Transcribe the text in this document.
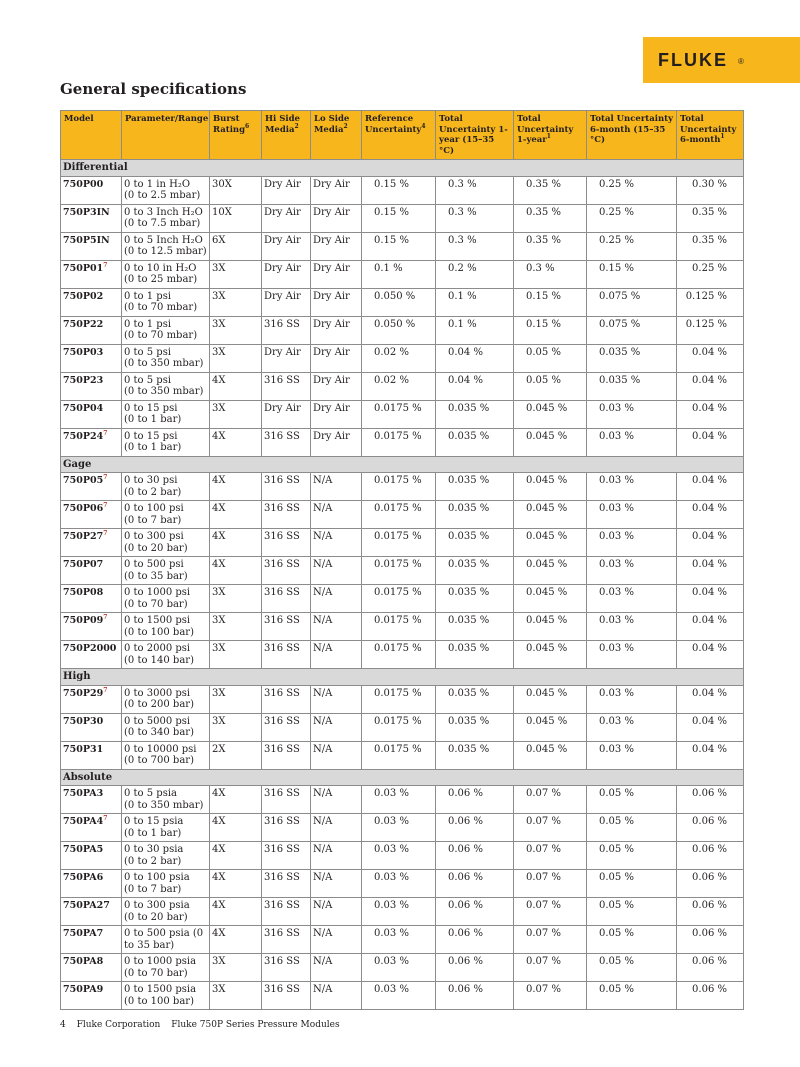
FLUKE ®
General specifications
Model	Parameter/Range	Burst Rating$^6$	Hi Side Media$^2$	Lo Side Media$^2$	Reference Uncertainty$^4$	Total Uncertainty 1-year (15–35 °C)	Total Uncertainty 1-year$^1$	Total Uncertainty 6-month (15–35 °C)	Total Uncertainty 6-month$^1$
Differential									
750P00	0 to 1 in H₂O
(0 to 2.5 mbar)	30X	Dry Air	Dry Air	0.15 %	0.3 %	0.35 %	0.25 %	0.30 %
750P3IN	0 to 3 Inch H₂O
(0 to 7.5 mbar)	10X	Dry Air	Dry Air	0.15 %	0.3 %	0.35 %	0.25 %	0.35 %
750P5IN	0 to 5 Inch H₂O
(0 to 12.5 mbar)	6X	Dry Air	Dry Air	0.15 %	0.3 %	0.35 %	0.25 %	0.35 %
750P01$^7$	0 to 10 in H₂O
(0 to 25 mbar)	3X	Dry Air	Dry Air	0.1 %	0.2 %	0.3 %	0.15 %	0.25 %
750P02	0 to 1 psi
(0 to 70 mbar)	3X	Dry Air	Dry Air	0.050 %	0.1 %	0.15 %	0.075 %	0.125 %
750P22	0 to 1 psi
(0 to 70 mbar)	3X	316 SS	Dry Air	0.050 %	0.1 %	0.15 %	0.075 %	0.125 %
750P03	0 to 5 psi
(0 to 350 mbar)	3X	Dry Air	Dry Air	0.02 %	0.04 %	0.05 %	0.035 %	0.04 %
750P23	0 to 5 psi
(0 to 350 mbar)	4X	316 SS	Dry Air	0.02 %	0.04 %	0.05 %	0.035 %	0.04 %
750P04	0 to 15 psi
(0 to 1 bar)	3X	Dry Air	Dry Air	0.0175 %	0.035 %	0.045 %	0.03 %	0.04 %
750P24$^7$	0 to 15 psi
(0 to 1 bar)	4X	316 SS	Dry Air	0.0175 %	0.035 %	0.045 %	0.03 %	0.04 %
Gage									
750P05$^7$	0 to 30 psi
(0 to 2 bar)	4X	316 SS	N/A	0.0175 %	0.035 %	0.045 %	0.03 %	0.04 %
750P06$^7$	0 to 100 psi
(0 to 7 bar)	4X	316 SS	N/A	0.0175 %	0.035 %	0.045 %	0.03 %	0.04 %
750P27$^7$	0 to 300 psi
(0 to 20 bar)	4X	316 SS	N/A	0.0175 %	0.035 %	0.045 %	0.03 %	0.04 %
750P07	0 to 500 psi
(0 to 35 bar)	4X	316 SS	N/A	0.0175 %	0.035 %	0.045 %	0.03 %	0.04 %
750P08	0 to 1000 psi
(0 to 70 bar)	3X	316 SS	N/A	0.0175 %	0.035 %	0.045 %	0.03 %	0.04 %
750P09$^7$	0 to 1500 psi
(0 to 100 bar)	3X	316 SS	N/A	0.0175 %	0.035 %	0.045 %	0.03 %	0.04 %
750P2000	0 to 2000 psi
(0 to 140 bar)	3X	316 SS	N/A	0.0175 %	0.035 %	0.045 %	0.03 %	0.04 %
High									
750P29$^7$	0 to 3000 psi
(0 to 200 bar)	3X	316 SS	N/A	0.0175 %	0.035 %	0.045 %	0.03 %	0.04 %
750P30	0 to 5000 psi
(0 to 340 bar)	3X	316 SS	N/A	0.0175 %	0.035 %	0.045 %	0.03 %	0.04 %
750P31	0 to 10000 psi
(0 to 700 bar)	2X	316 SS	N/A	0.0175 %	0.035 %	0.045 %	0.03 %	0.04 %
Absolute									
750PA3	0 to 5 psia
(0 to 350 mbar)	4X	316 SS	N/A	0.03 %	0.06 %	0.07 %	0.05 %	0.06 %
750PA4$^7$	0 to 15 psia
(0 to 1 bar)	4X	316 SS	N/A	0.03 %	0.06 %	0.07 %	0.05 %	0.06 %
750PA5	0 to 30 psia
(0 to 2 bar)	4X	316 SS	N/A	0.03 %	0.06 %	0.07 %	0.05 %	0.06 %
750PA6	0 to 100 psia
(0 to 7 bar)	4X	316 SS	N/A	0.03 %	0.06 %	0.07 %	0.05 %	0.06 %
750PA27	0 to 300 psia
(0 to 20 bar)	4X	316 SS	N/A	0.03 %	0.06 %	0.07 %	0.05 %	0.06 %
750PA7	0 to 500 psia (0
to 35 bar)	4X	316 SS	N/A	0.03 %	0.06 %	0.07 %	0.05 %	0.06 %
750PA8	0 to 1000 psia
(0 to 70 bar)	3X	316 SS	N/A	0.03 %	0.06 %	0.07 %	0.05 %	0.06 %
750PA9	0 to 1500 psia
(0 to 100 bar)	3X	316 SS	N/A	0.03 %	0.06 %	0.07 %	0.05 %	0.06 %
4 Fluke Corporation Fluke 750P Series Pressure Modules
